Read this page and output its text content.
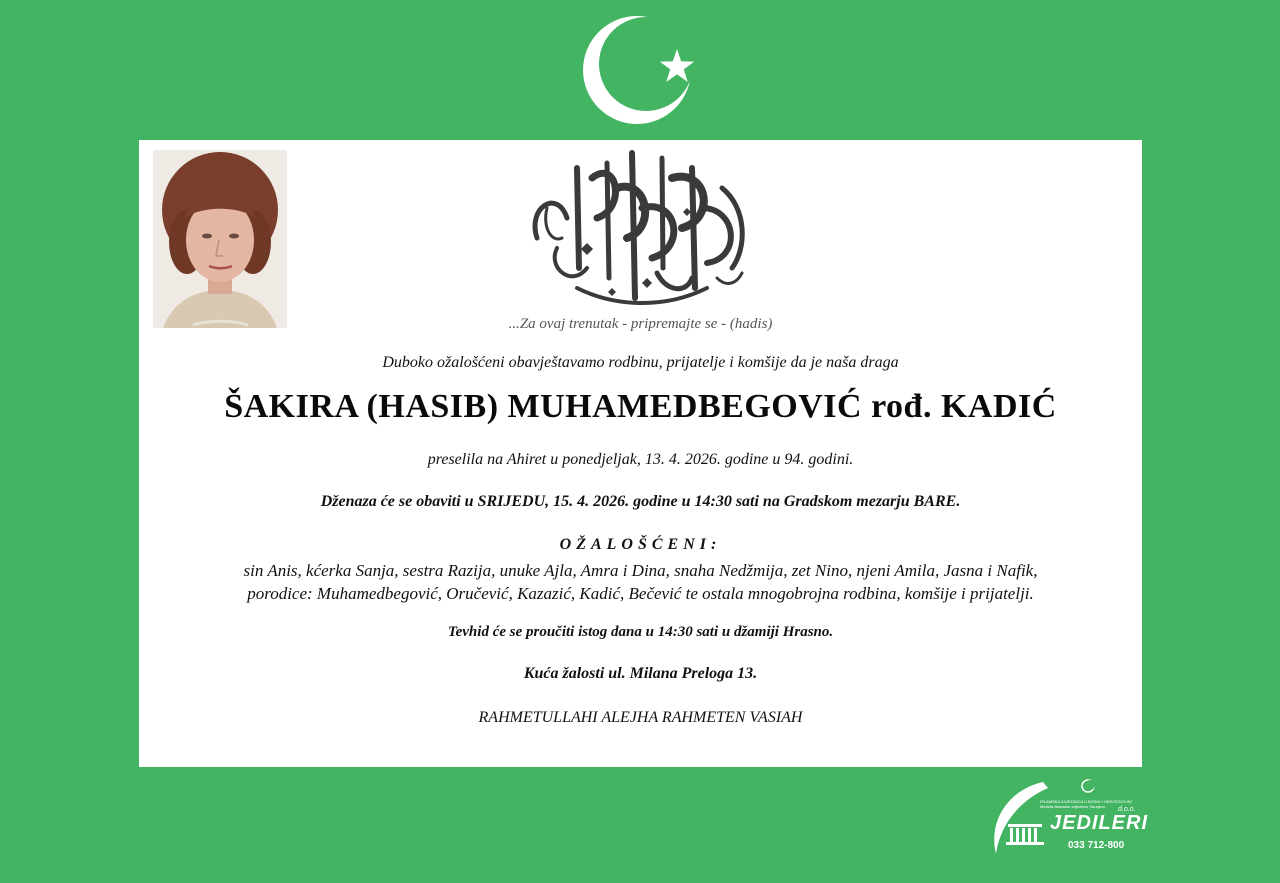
...Za ovaj trenutak - pripremajte se - (hadis)
Duboko ožalošćeni obavještavamo rodbinu, prijatelje i komšije da je naša draga
ŠAKIRA (HASIB) MUHAMEDBEGOVIĆ rođ. KADIĆ
preselila na Ahiret u ponedjeljak, 13. 4. 2026. godine u 94. godini.
Dženaza će se obaviti u SRIJEDU, 15. 4. 2026. godine u 14:30 sati na Gradskom mezarju BARE.
OŽALOŠĆENI:
sin Anis, kćerka Sanja, sestra Razija, unuke Ajla, Amra i Dina, snaha Nedžmija, zet Nino, njeni Amila, Jasna i Nafik,
porodice: Muhamedbegović, Oručević, Kazazić, Kadić, Bečević te ostala mnogobrojna rodbina, komšije i prijatelji.
Tevhid će se proučiti istog dana u 14:30 sati u džamiji Hrasno.
Kuća žalosti ul. Milana Preloga 13.
RAHMETULLAHI ALEJHA RAHMETEN VASIAH
ISLAMSKA ZAJEDNICA U BOSNI I HERCEGOVINI Medžlis islamske zajednice Sarajevo
JEDILERI
d.o.o.
033 712-800
